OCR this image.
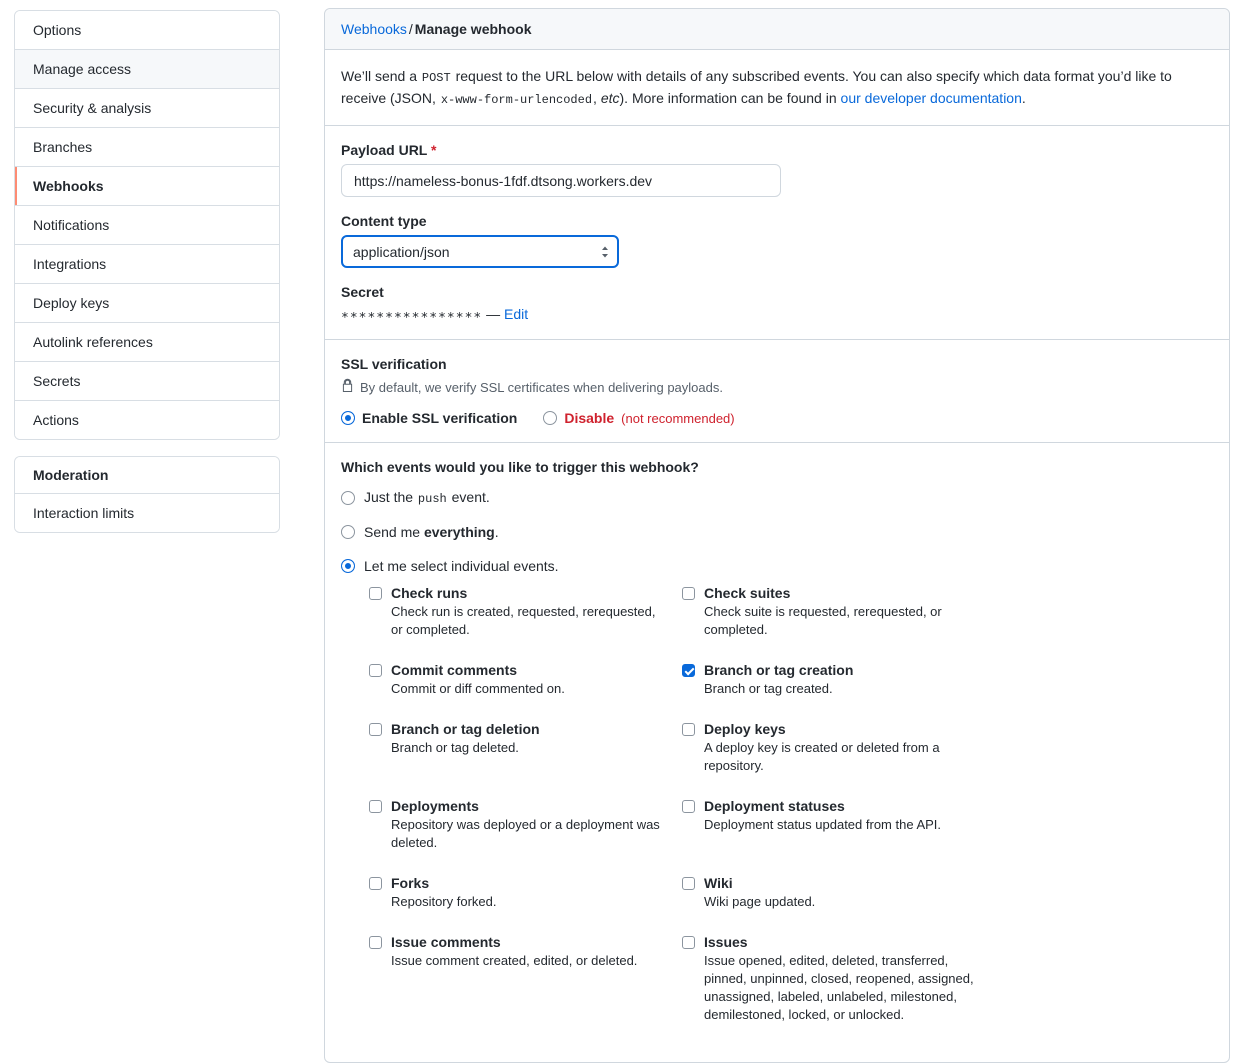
Options
Manage access
Security & analysis
Branches
Webhooks
Notifications
Integrations
Deploy keys
Autolink references
Secrets
Actions
Moderation
Interaction limits
Webhooks / Manage webhook
We’ll send a POST request to the URL below with details of any subscribed events. You can also specify which data format you’d like to receive (JSON, x-www-form-urlencoded, etc). More information can be found in our developer documentation.
Payload URL *
https://nameless-bonus-1fdf.dtsong.workers.dev
Content type
application/json
Secret
∗∗∗∗∗∗∗∗∗∗∗∗∗∗∗∗ — Edit
SSL verification
By default, we verify SSL certificates when delivering payloads.
Enable SSL verification	Disable (not recommended)
Which events would you like to trigger this webhook?
Just the push event.
Send me everything.
Let me select individual events.
Check runs
Check run is created, requested, rerequested, or completed.
Check suites
Check suite is requested, rerequested, or completed.
Commit comments
Commit or diff commented on.
Branch or tag creation
Branch or tag created.
Branch or tag deletion
Branch or tag deleted.
Deploy keys
A deploy key is created or deleted from a repository.
Deployments
Repository was deployed or a deployment was deleted.
Deployment statuses
Deployment status updated from the API.
Forks
Repository forked.
Wiki
Wiki page updated.
Issue comments
Issue comment created, edited, or deleted.
Issues
Issue opened, edited, deleted, transferred, pinned, unpinned, closed, reopened, assigned, unassigned, labeled, unlabeled, milestoned, demilestoned, locked, or unlocked.
